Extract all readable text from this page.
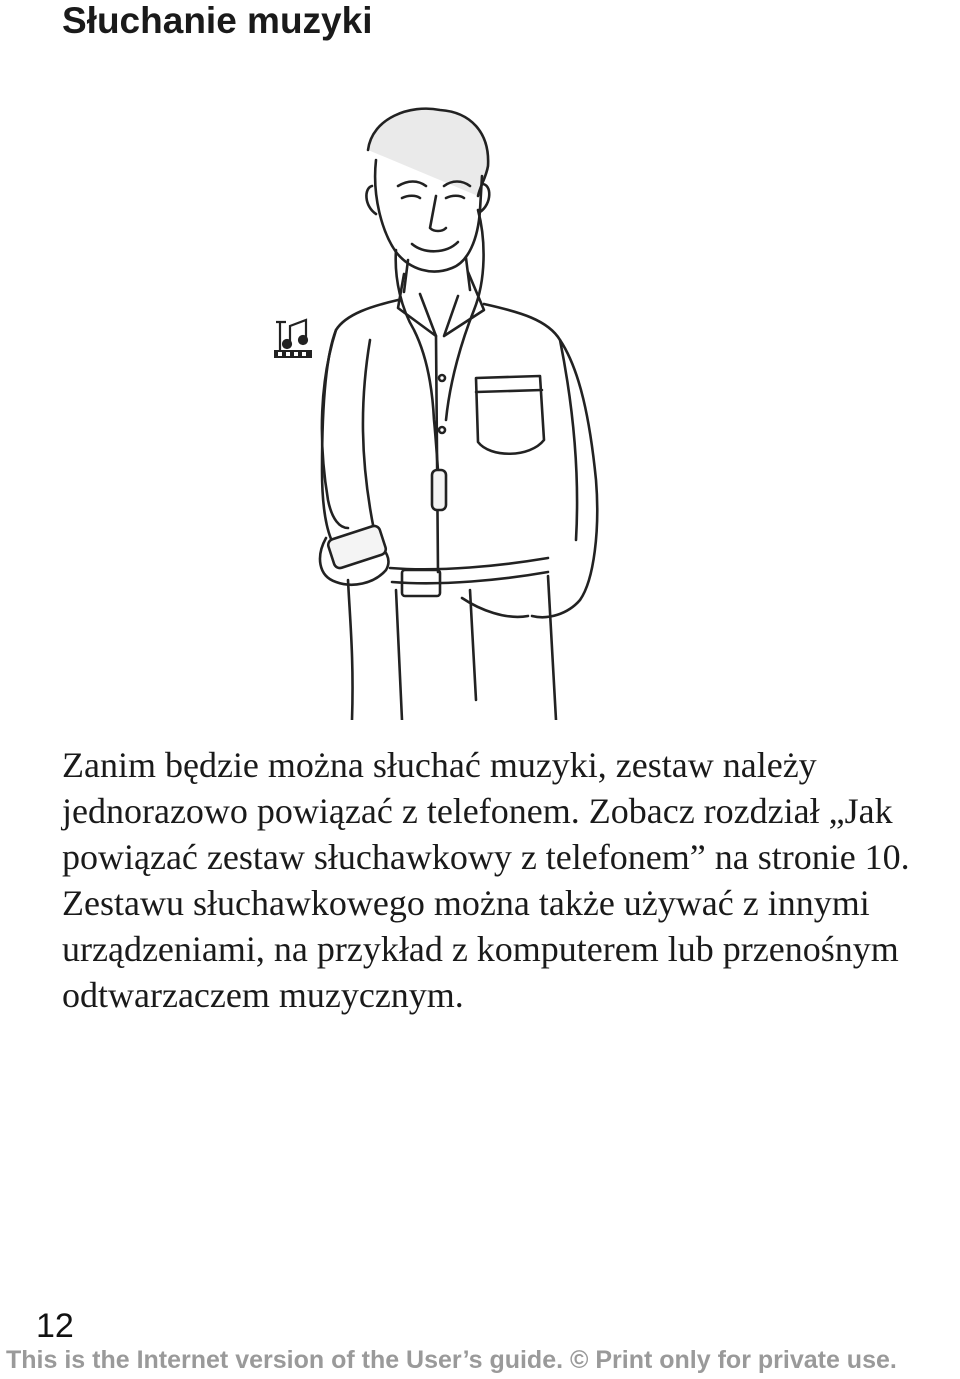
Słuchanie muzyki

Zanim będzie można słuchać muzyki, zestaw należy jednorazowo powiązać z telefonem. Zobacz rozdział „Jak powiązać zestaw słuchawkowy z telefonem” na stronie 10. Zestawu słuchawkowego można także używać z innymi urządzeniami, na przykład z komputerem lub przenośnym odtwarzaczem muzycznym.

12
This is the Internet version of the User’s guide. © Print only for private use.
